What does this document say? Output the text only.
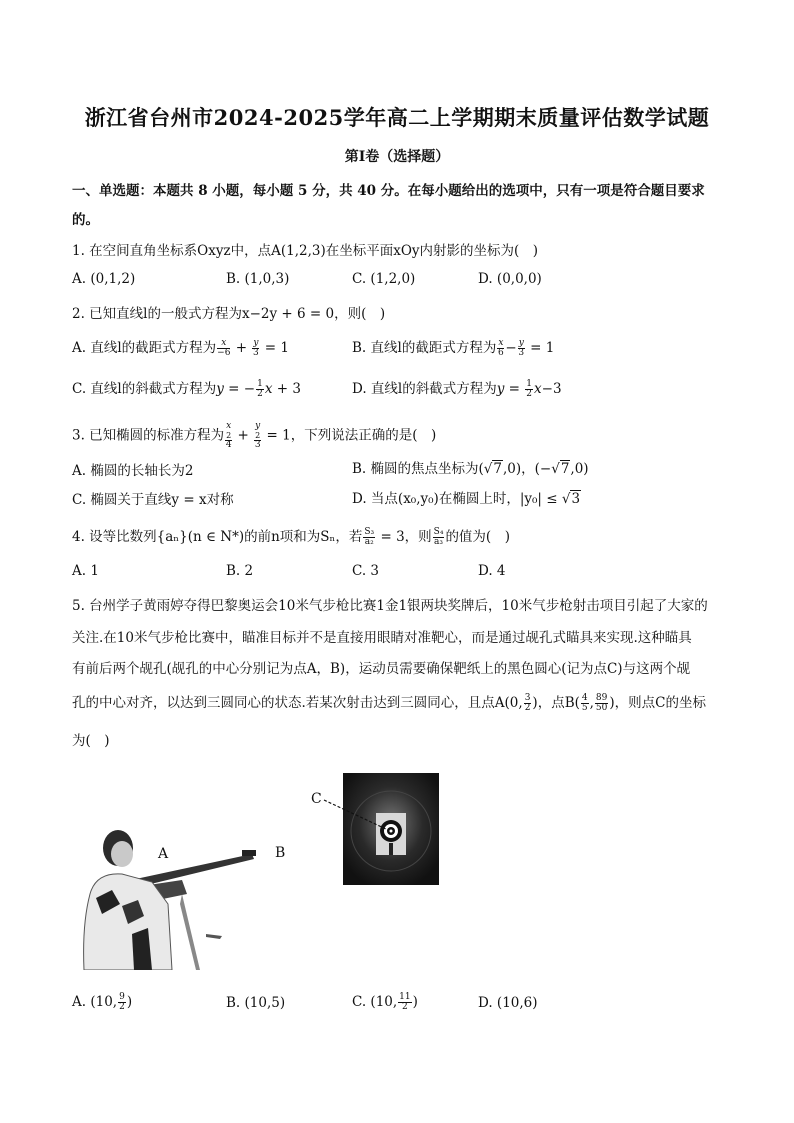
浙江省台州市2024-2025学年高二上学期期末质量评估数学试题
第Ⅰ卷（选择题）
一、单选题：本题共 8 小题，每小题 5 分，共 40 分。在每小题给出的选项中，只有一项是符合题目要求
的。
1. 在空间直角坐标系Oxyz中，点A(1,2,3)在坐标平面xOy内射影的坐标为(　)
A. (0,1,2)	B. (1,0,3)	C. (1,2,0)	D. (0,0,0)
2. 已知直线l的一般式方程为x−2y + 6 = 0，则(　)
A. 直线l的截距式方程为 $\frac{x}{-6} + \frac{y}{3} = 1$	B. 直线l的截距式方程为 $\frac{x}{6} - \frac{y}{3} = 1$
C. 直线l的斜截式方程为y = − $\frac{1}{2}$ x + 3	D. 直线l的斜截式方程为$y = \frac{1}{2} x-3$
3. 已知椭圆的标准方程为 x
2
4 + y
2
3 = 1，下列说法正确的是(　)
A. 椭圆的长轴长为2	B. 椭圆的焦点坐标为(√7,0)，(−√7,0)
C. 椭圆关于直线y = x对称	D. 当点(x₀,y₀)在椭圆上时，|y₀| ≤ √3
4. 设等比数列{aₙ}(n ∈ N*)的前n项和为Sₙ，若 $\frac{\text{S₃}}{\text{a₂}} = 3$，则 $\frac{\text{S₄}}{\text{a₃}}$ 的值为(　)
A. 1	B. 2	C. 3	D. 4
5. 台州学子黄雨婷夺得巴黎奥运会10米气步枪比赛1金1银两块奖牌后，10米气步枪射击项目引起了大家的
关注.在10米气步枪比赛中，瞄准目标并不是直接用眼睛对准靶心，而是通过觇孔式瞄具来实现.这种瞄具
有前后两个觇孔(觇孔的中心分别记为点A，B)，运动员需要确保靶纸上的黑色圆心(记为点C)与这两个觇
孔的中心对齐，以达到三圆同心的状态.若某次射击达到三圆同心，且点A(0, $\frac{3}{2}$ )，点$B( \frac{4}{5}$ , $\frac{89}{50}$ )，则点C的坐标
为(　)
C
A	B
A. (10, $\frac{9}{2}$ )	B. (10,5)	C. (10, $\frac{11}{2}$ )	D. (10,6)
